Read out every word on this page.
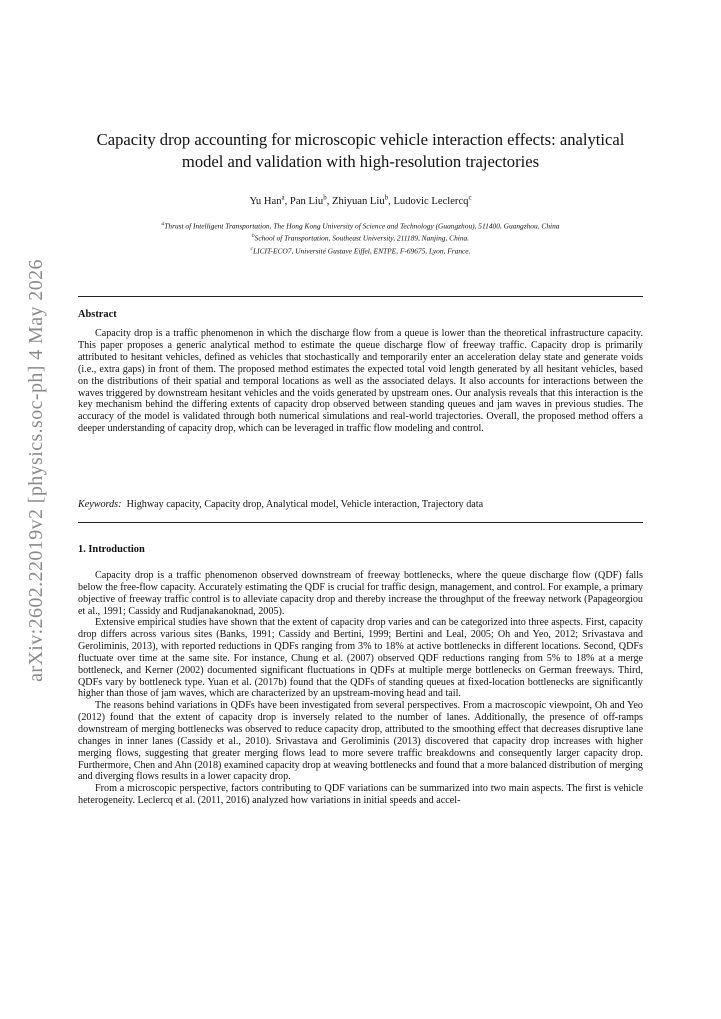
arXiv:2602.22019v2 [physics.soc-ph] 4 May 2026
Capacity drop accounting for microscopic vehicle interaction effects: analytical
model and validation with high-resolution trajectories
Yu Han$^a$, Pan Liu$^b$, Zhiyuan Liu$^b$, Ludovic Leclercq$^c$
$^a$Thrust of Intelligent Transportation, The Hong Kong University of Science and Technology (Guangzhou), 511400, Guangzhou, China
$^b$School of Transportation, Southeast University, 211189, Nanjing, China.
$^c$LICIT-ECO7, Université Gustave Eiffel, ENTPE, F-69675, Lyon, France.
Abstract

Capacity drop is a traffic phenomenon in which the discharge flow from a queue is lower than the theoretical infrastructure capacity. This paper proposes a generic analytical method to estimate the queue discharge flow of freeway traffic. Capacity drop is primarily attributed to hesitant vehicles, defined as vehicles that stochastically and temporarily enter an acceleration delay state and generate voids (i.e., extra gaps) in front of them. The proposed method estimates the expected total void length generated by all hesitant vehicles, based on the distributions of their spatial and temporal locations as well as the associated delays. It also accounts for interactions between the waves triggered by downstream hesitant vehicles and the voids generated by upstream ones. Our analysis reveals that this interaction is the key mechanism behind the differing extents of capacity drop observed between standing queues and jam waves in previous studies. The accuracy of the model is validated through both numerical simulations and real-world trajectories. Overall, the proposed method offers a deeper understanding of capacity drop, which can be leveraged in traffic flow modeling and control.

Keywords: Highway capacity, Capacity drop, Analytical model, Vehicle interaction, Trajectory data
1. Introduction

Capacity drop is a traffic phenomenon observed downstream of freeway bottlenecks, where the queue discharge flow (QDF) falls below the free-flow capacity. Accurately estimating the QDF is crucial for traffic design, management, and control. For example, a primary objective of freeway traffic control is to alleviate capacity drop and thereby increase the throughput of the freeway network (Papageorgiou et al., 1991; Cassidy and Rudjanakanoknad, 2005).

Extensive empirical studies have shown that the extent of capacity drop varies and can be categorized into three aspects. First, capacity drop differs across various sites (Banks, 1991; Cassidy and Bertini, 1999; Bertini and Leal, 2005; Oh and Yeo, 2012; Srivastava and Geroliminis, 2013), with reported reductions in QDFs ranging from 3% to 18% at active bottlenecks in different locations. Second, QDFs fluctuate over time at the same site. For instance, Chung et al. (2007) observed QDF reductions ranging from 5% to 18% at a merge bottleneck, and Kerner (2002) documented significant fluctuations in QDFs at multiple merge bottlenecks on German freeways. Third, QDFs vary by bottleneck type. Yuan et al. (2017b) found that the QDFs of standing queues at fixed-location bottlenecks are significantly higher than those of jam waves, which are characterized by an upstream-moving head and tail.

The reasons behind variations in QDFs have been investigated from several perspectives. From a macroscopic viewpoint, Oh and Yeo (2012) found that the extent of capacity drop is inversely related to the number of lanes. Additionally, the presence of off-ramps downstream of merging bottlenecks was observed to reduce capacity drop, attributed to the smoothing effect that decreases disruptive lane changes in inner lanes (Cassidy et al., 2010). Srivastava and Geroliminis (2013) discovered that capacity drop increases with higher merging flows, suggesting that greater merging flows lead to more severe traffic breakdowns and consequently larger capacity drop. Furthermore, Chen and Ahn (2018) examined capacity drop at weaving bottlenecks and found that a more balanced distribution of merging and diverging flows results in a lower capacity drop.

From a microscopic perspective, factors contributing to QDF variations can be summarized into two main aspects. The first is vehicle heterogeneity. Leclercq et al. (2011, 2016) analyzed how variations in initial speeds and accel-
